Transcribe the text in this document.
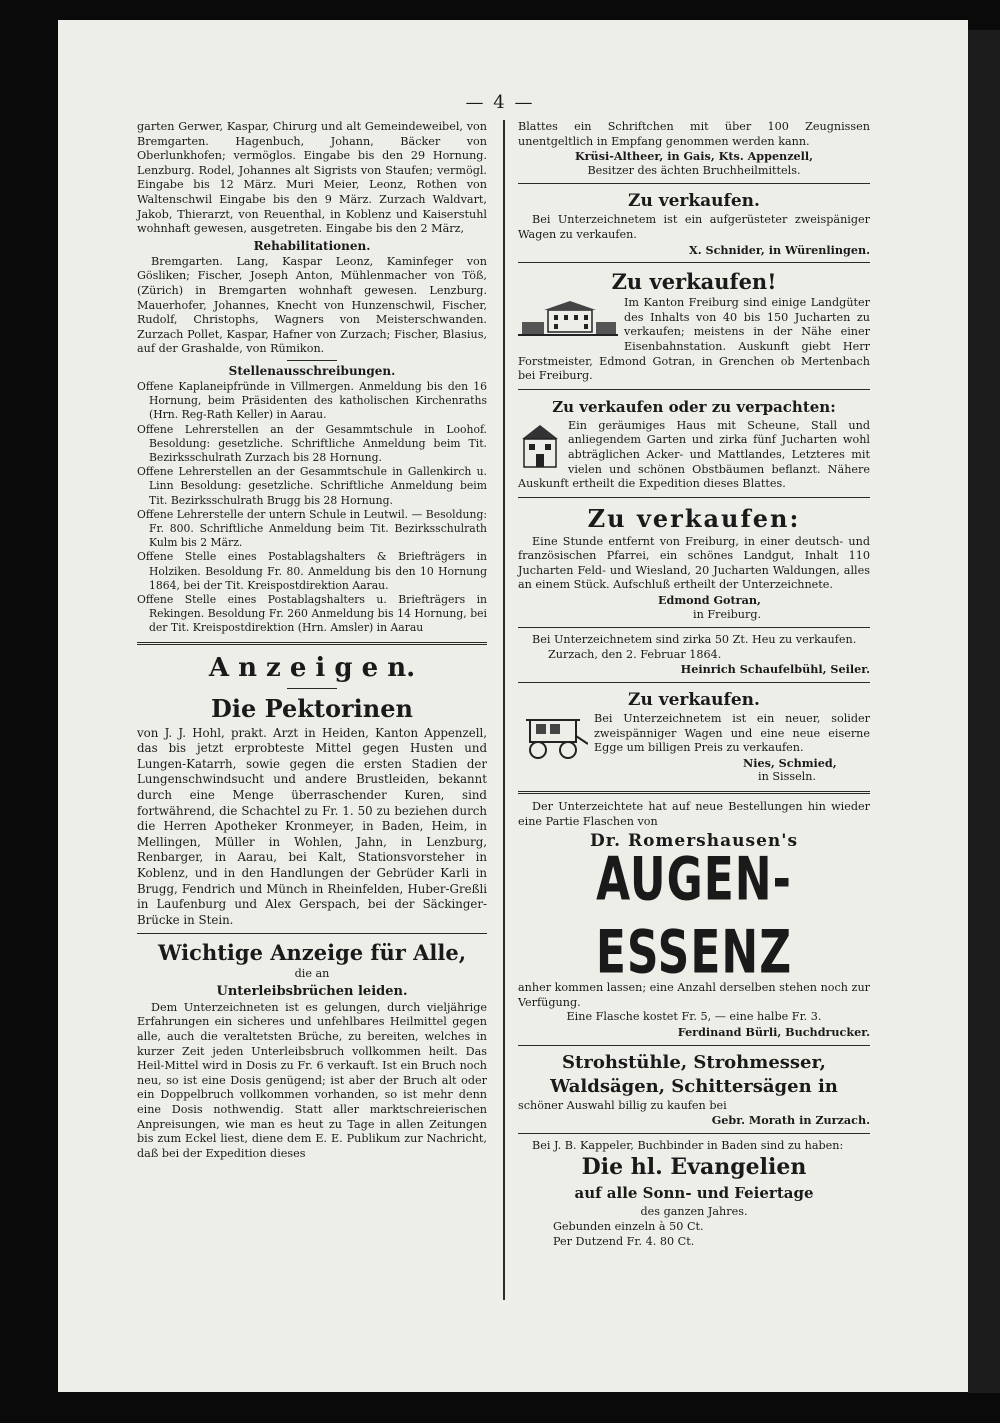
— 4 —

garten Gerwer, Kaspar, Chirurg und alt Gemeindeweibel, von Bremgarten. Hagenbuch, Johann, Bäcker von Oberlunkhofen; vermöglos. Eingabe bis den 29 Hornung. Lenzburg. Rodel, Johannes alt Sigrists von Staufen; vermögl. Eingabe bis 12 März. Muri Meier, Leonz, Rothen von Waltenschwil Eingabe bis den 9 März. Zurzach Waldvart, Jakob, Thierarzt, von Reuenthal, in Koblenz und Kaiserstuhl wohnhaft gewesen, ausgetreten. Eingabe bis den 2 März,

Rehabilitationen.

Bremgarten. Lang, Kaspar Leonz, Kaminfeger von Gösliken; Fischer, Joseph Anton, Mühlenmacher von Töß, (Zürich) in Bremgarten wohnhaft gewesen. Lenzburg. Mauerhofer, Johannes, Knecht von Hunzenschwil, Fischer, Rudolf, Christophs, Wagners von Meisterschwanden. Zurzach Pollet, Kaspar, Hafner von Zurzach; Fischer, Blasius, auf der Grashalde, von Rümikon.

Stellenausschreibungen.

Offene Kaplaneipfründe in Villmergen. Anmeldung bis den 16 Hornung, beim Präsidenten des katholischen Kirchenraths (Hrn. Reg-Rath Keller) in Aarau.

Offene Lehrerstellen an der Gesammtschule in Loohof. Besoldung: gesetzliche. Schriftliche Anmeldung beim Tit. Bezirksschulrath Zurzach bis 28 Hornung.

Offene Lehrerstellen an der Gesammtschule in Gallenkirch u. Linn Besoldung: gesetzliche. Schriftliche Anmeldung beim Tit. Bezirksschulrath Brugg bis 28 Hornung.

Offene Lehrerstelle der untern Schule in Leutwil. — Besoldung: Fr. 800. Schriftliche Anmeldung beim Tit. Bezirksschulrath Kulm bis 2 März.

Offene Stelle eines Postablagshalters & Briefträgers in Holziken. Besoldung Fr. 80. Anmeldung bis den 10 Hornung 1864, bei der Tit. Kreispostdirektion Aarau.

Offene Stelle eines Postablagshalters u. Briefträgers in Rekingen. Besoldung Fr. 260 Anmeldung bis 14 Hornung, bei der Tit. Kreispostdirektion (Hrn. Amsler) in Aarau

A n z e i g e n.

Die Pektorinen

von J. J. Hohl, prakt. Arzt in Heiden, Kanton Appenzell, das bis jetzt erprobteste Mittel gegen Husten und Lungen-Katarrh, sowie gegen die ersten Stadien der Lungenschwindsucht und andere Brustleiden, bekannt durch eine Menge überraschender Kuren, sind fortwährend, die Schachtel zu Fr. 1. 50 zu beziehen durch die Herren Apotheker Kronmeyer, in Baden, Heim, in Mellingen, Müller in Wohlen, Jahn, in Lenzburg, Renbarger, in Aarau, bei Kalt, Stationsvorsteher in Koblenz, und in den Handlungen der Gebrüder Karli in Brugg, Fendrich und Münch in Rheinfelden, Huber-Greßli in Laufenburg und Alex Gerspach, bei der Säckinger-Brücke in Stein.

Wichtige Anzeige für Alle,

die an

Unterleibsbrüchen leiden.

Dem Unterzeichneten ist es gelungen, durch vieljährige Erfahrungen ein sicheres und unfehlbares Heilmittel gegen alle, auch die veraltetsten Brüche, zu bereiten, welches in kurzer Zeit jeden Unterleibsbruch vollkommen heilt. Das Heil-Mittel wird in Dosis zu Fr. 6 verkauft. Ist ein Bruch noch neu, so ist eine Dosis genügend; ist aber der Bruch alt oder ein Doppelbruch vollkommen vorhanden, so ist mehr denn eine Dosis nothwendig. Statt aller marktschreierischen Anpreisungen, wie man es heut zu Tage in allen Zeitungen bis zum Eckel liest, diene dem E. E. Publikum zur Nachricht, daß bei der Expedition dieses

Blattes ein Schriftchen mit über 100 Zeugnissen unentgeltlich in Empfang genommen werden kann.

Krüsi-Altheer, in Gais, Kts. Appenzell,

Besitzer des ächten Bruchheilmittels.

Zu verkaufen.

Bei Unterzeichnetem ist ein aufgerüsteter zweispäniger Wagen zu verkaufen.

X. Schnider, in Würenlingen.

Zu verkaufen!

Im Kanton Freiburg sind einige Landgüter des Inhalts von 40 bis 150 Jucharten zu verkaufen; meistens in der Nähe einer Eisenbahnstation. Auskunft giebt Herr Forstmeister, Edmond Gotran, in Grenchen ob Mertenbach bei Freiburg.

Zu verkaufen oder zu verpachten:

Ein geräumiges Haus mit Scheune, Stall und anliegendem Garten und zirka fünf Jucharten wohl abträglichen Acker- und Mattlandes, Letzteres mit vielen und schönen Obstbäumen beflanzt. Nähere Auskunft ertheilt die Expedition dieses Blattes.

Zu verkaufen:

Eine Stunde entfernt von Freiburg, in einer deutsch- und französischen Pfarrei, ein schönes Landgut, Inhalt 110 Jucharten Feld- und Wiesland, 20 Jucharten Waldungen, alles an einem Stück. Aufschluß ertheilt der Unterzeichnete.

Edmond Gotran,

in Freiburg.

Bei Unterzeichnetem sind zirka 50 Zt. Heu zu verkaufen.

Zurzach, den 2. Februar 1864.

Heinrich Schaufelbühl, Seiler.

Zu verkaufen.

Bei Unterzeichnetem ist ein neuer, solider zweispänniger Wagen und eine neue eiserne Egge um billigen Preis zu verkaufen.

Nies, Schmied,

in Sisseln.

Der Unterzeichtete hat auf neue Bestellungen hin wieder eine Partie Flaschen von

Dr. Romershausen's

AUGEN-ESSENZ

anher kommen lassen; eine Anzahl derselben stehen noch zur Verfügung.

Eine Flasche kostet Fr. 5, — eine halbe Fr. 3.

Ferdinand Bürli, Buchdrucker.

Strohstühle, Strohmesser,

Waldsägen, Schittersägen in

schöner Auswahl billig zu kaufen bei

Gebr. Morath in Zurzach.

Bei J. B. Kappeler, Buchbinder in Baden sind zu haben:

Die hl. Evangelien

auf alle Sonn- und Feiertage

des ganzen Jahres.

Gebunden einzeln à 50 Ct.

Per Dutzend Fr. 4. 80 Ct.
